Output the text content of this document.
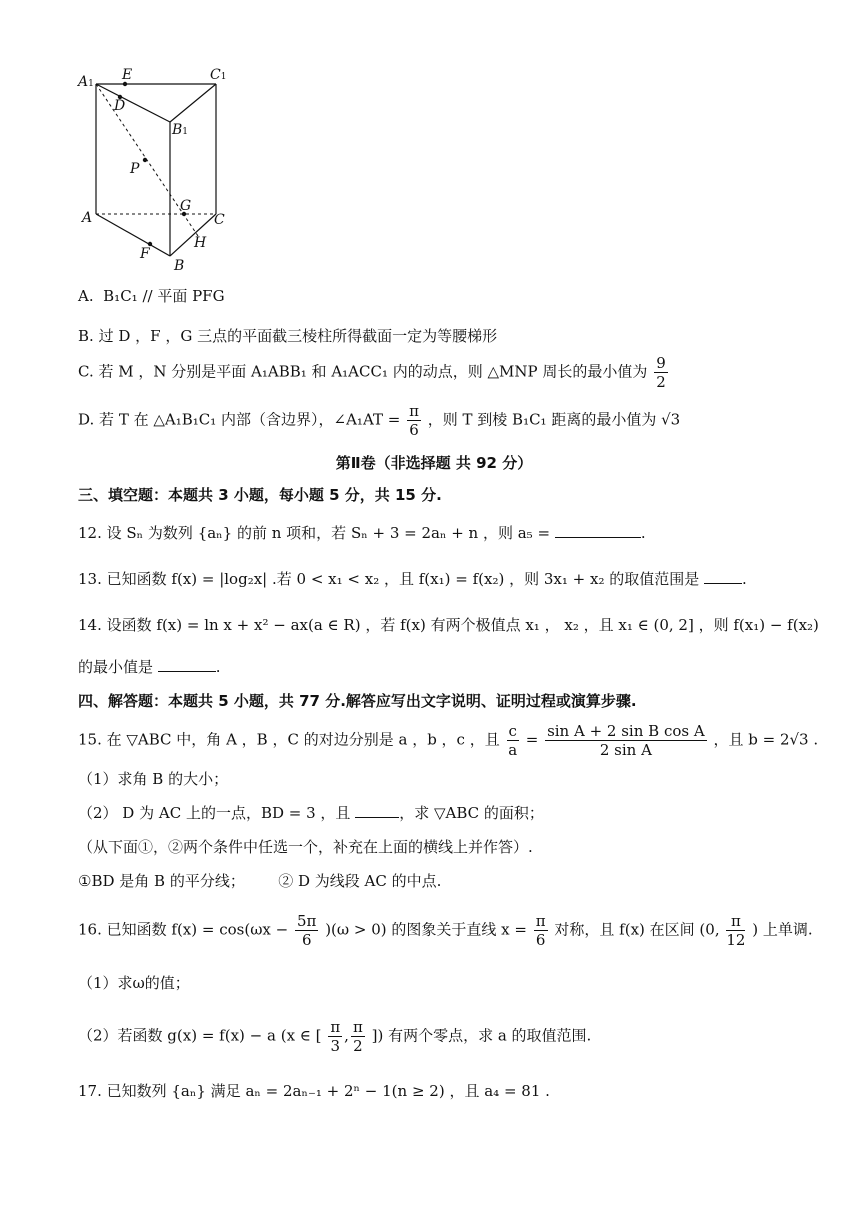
A1
E	C1
D
B1
P
G
A	C
H
F
B
A. B₁C₁ // 平面 PFG
B. 过 D ，F ，G 三点的平面截三棱柱所得截面一定为等腰梯形
C. 若 M ，N 分别是平面 A₁ABB₁ 和 A₁ACC₁ 内的动点，则 △MNP 周长的最小值为 $\frac{9}{2}$
D. 若 T 在 △A₁B₁C₁ 内部（含边界），∠A₁AT = $\frac{\pi}{6}$ ，则 T 到棱 B₁C₁ 距离的最小值为 √3
第Ⅱ卷（非选择题 共 92 分）
三、填空题：本题共 3 小题，每小题 5 分，共 15 分.
12. 设 Sₙ 为数列 {aₙ} 的前 n 项和，若 Sₙ + 3 = 2aₙ + n ，则 a₅ =	.
13. 已知函数 f(x) = |log₂x| .若 0 < x₁ < x₂ ，且 f(x₁) = f(x₂) ，则 3x₁ + x₂ 的取值范围是	.
14. 设函数 f(x) = ln x + x² − ax(a ∈ R) ，若 f(x) 有两个极值点 x₁ ， x₂ ，且 x₁ ∈ (0, 2] ，则 f(x₁) − f(x₂)
的最小值是	.
四、解答题：本题共 5 小题，共 77 分.解答应写出文字说明、证明过程或演算步骤.
15. 在 ▽ABC 中，角 A ，B ，C 的对边分别是 a ，b ，c ，且 $\frac{c}{a} = \frac{\text{sin A + 2 sin B cos A}}{\text{2 sin A}}$ ，且 b = 2√3 .
（1）求角 B 的大小；
（2） D 为 AC 上的一点，BD = 3 ，且	，求 ▽ABC 的面积；
（从下面①，②两个条件中任选一个，补充在上面的横线上并作答）.
①BD 是角 B 的平分线； ② D 为线段 AC 的中点.
16. 已知函数 $f(x) = \cos(\omega x - \frac{5\pi}{6} )(\omega > 0)$ 的图象关于直线 $x = \frac{\pi}{6}$ 对称，且 f(x) 在区间 (0, $\frac{\pi}{12}$ ) 上单调.
（1）求ω的值；
（2）若函数 g(x) = f(x) − a (x ∈ [ $\frac{\pi}{3}$ , $\frac{\pi}{2}$ ]) 有两个零点，求 a 的取值范围.
17. 已知数列 {aₙ} 满足 aₙ = 2aₙ₋₁ + 2ⁿ − 1(n ≥ 2) ，且 a₄ = 81 .
